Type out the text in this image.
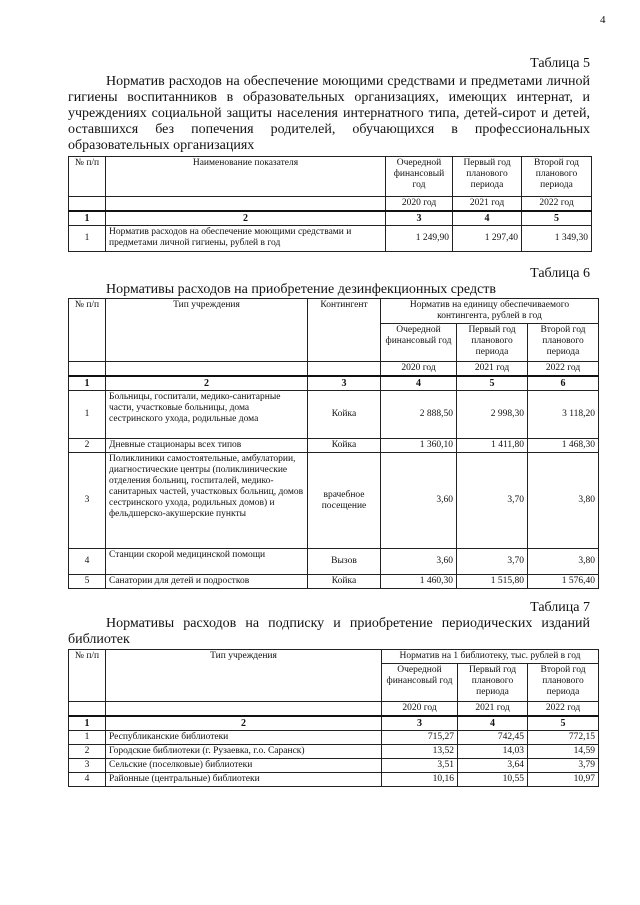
4
Таблица 5
Норматив расходов на обеспечение моющими средствами и предметами личной гигиены воспитанников в образовательных организациях, имеющих интернат, и учреждениях социальной защиты населения интернатного типа, детей-сирот и детей, оставшихся без попечения родителей, обучающихся в профессиональных образовательных организациях
№ п/п	Наименование показателя	Очередной финансовый год	Первый год планового периода	Второй год планового периода
		2020 год	2021 год	2022 год
1	2	3	4	5
1	Норматив расходов на обеспечение моющими средствами и предметами личной гигиены, рублей в год	1 249,90	1 297,40	1 349,30
Таблица 6
Нормативы расходов на приобретение дезинфекционных средств
№ п/п	Тип учреждения	Контингент	Норматив на единицу обеспечиваемого контингента, рублей в год		
			Очередной финансовый год	Первый год планового периода	Второй год планового периода
			2020 год	2021 год	2022 год
1	2	3	4	5	6
1	Больницы, госпитали, медико-санитарные части, участковые больницы, дома сестринского ухода, родильные дома	Койка	2 888,50	2 998,30	3 118,20
2	Дневные стационары всех типов	Койка	1 360,10	1 411,80	1 468,30
3	Поликлиники самостоятельные, амбулатории, диагностические центры (поликлинические отделения больниц, госпиталей, медико-санитарных частей, участковых больниц, домов сестринского ухода, родильных домов) и фельдшерско-акушерские пункты	врачебное посещение	3,60	3,70	3,80
4	Станции скорой медицинской помощи	Вызов	3,60	3,70	3,80
5	Санатории для детей и подростков	Койка	1 460,30	1 515,80	1 576,40
Таблица 7
Нормативы расходов на подписку и приобретение периодических изданий библиотек
№ п/п	Тип учреждения	Норматив на 1 библиотеку, тыс. рублей в год		
		Очередной финансовый год	Первый год планового периода	Второй год планового периода
		2020 год	2021 год	2022 год
1	2	3	4	5
1	Республиканские библиотеки	715,27	742,45	772,15
2	Городские библиотеки (г. Рузаевка, г.о. Саранск)	13,52	14,03	14,59
3	Сельские (поселковые) библиотеки	3,51	3,64	3,79
4	Районные (центральные) библиотеки	10,16	10,55	10,97
